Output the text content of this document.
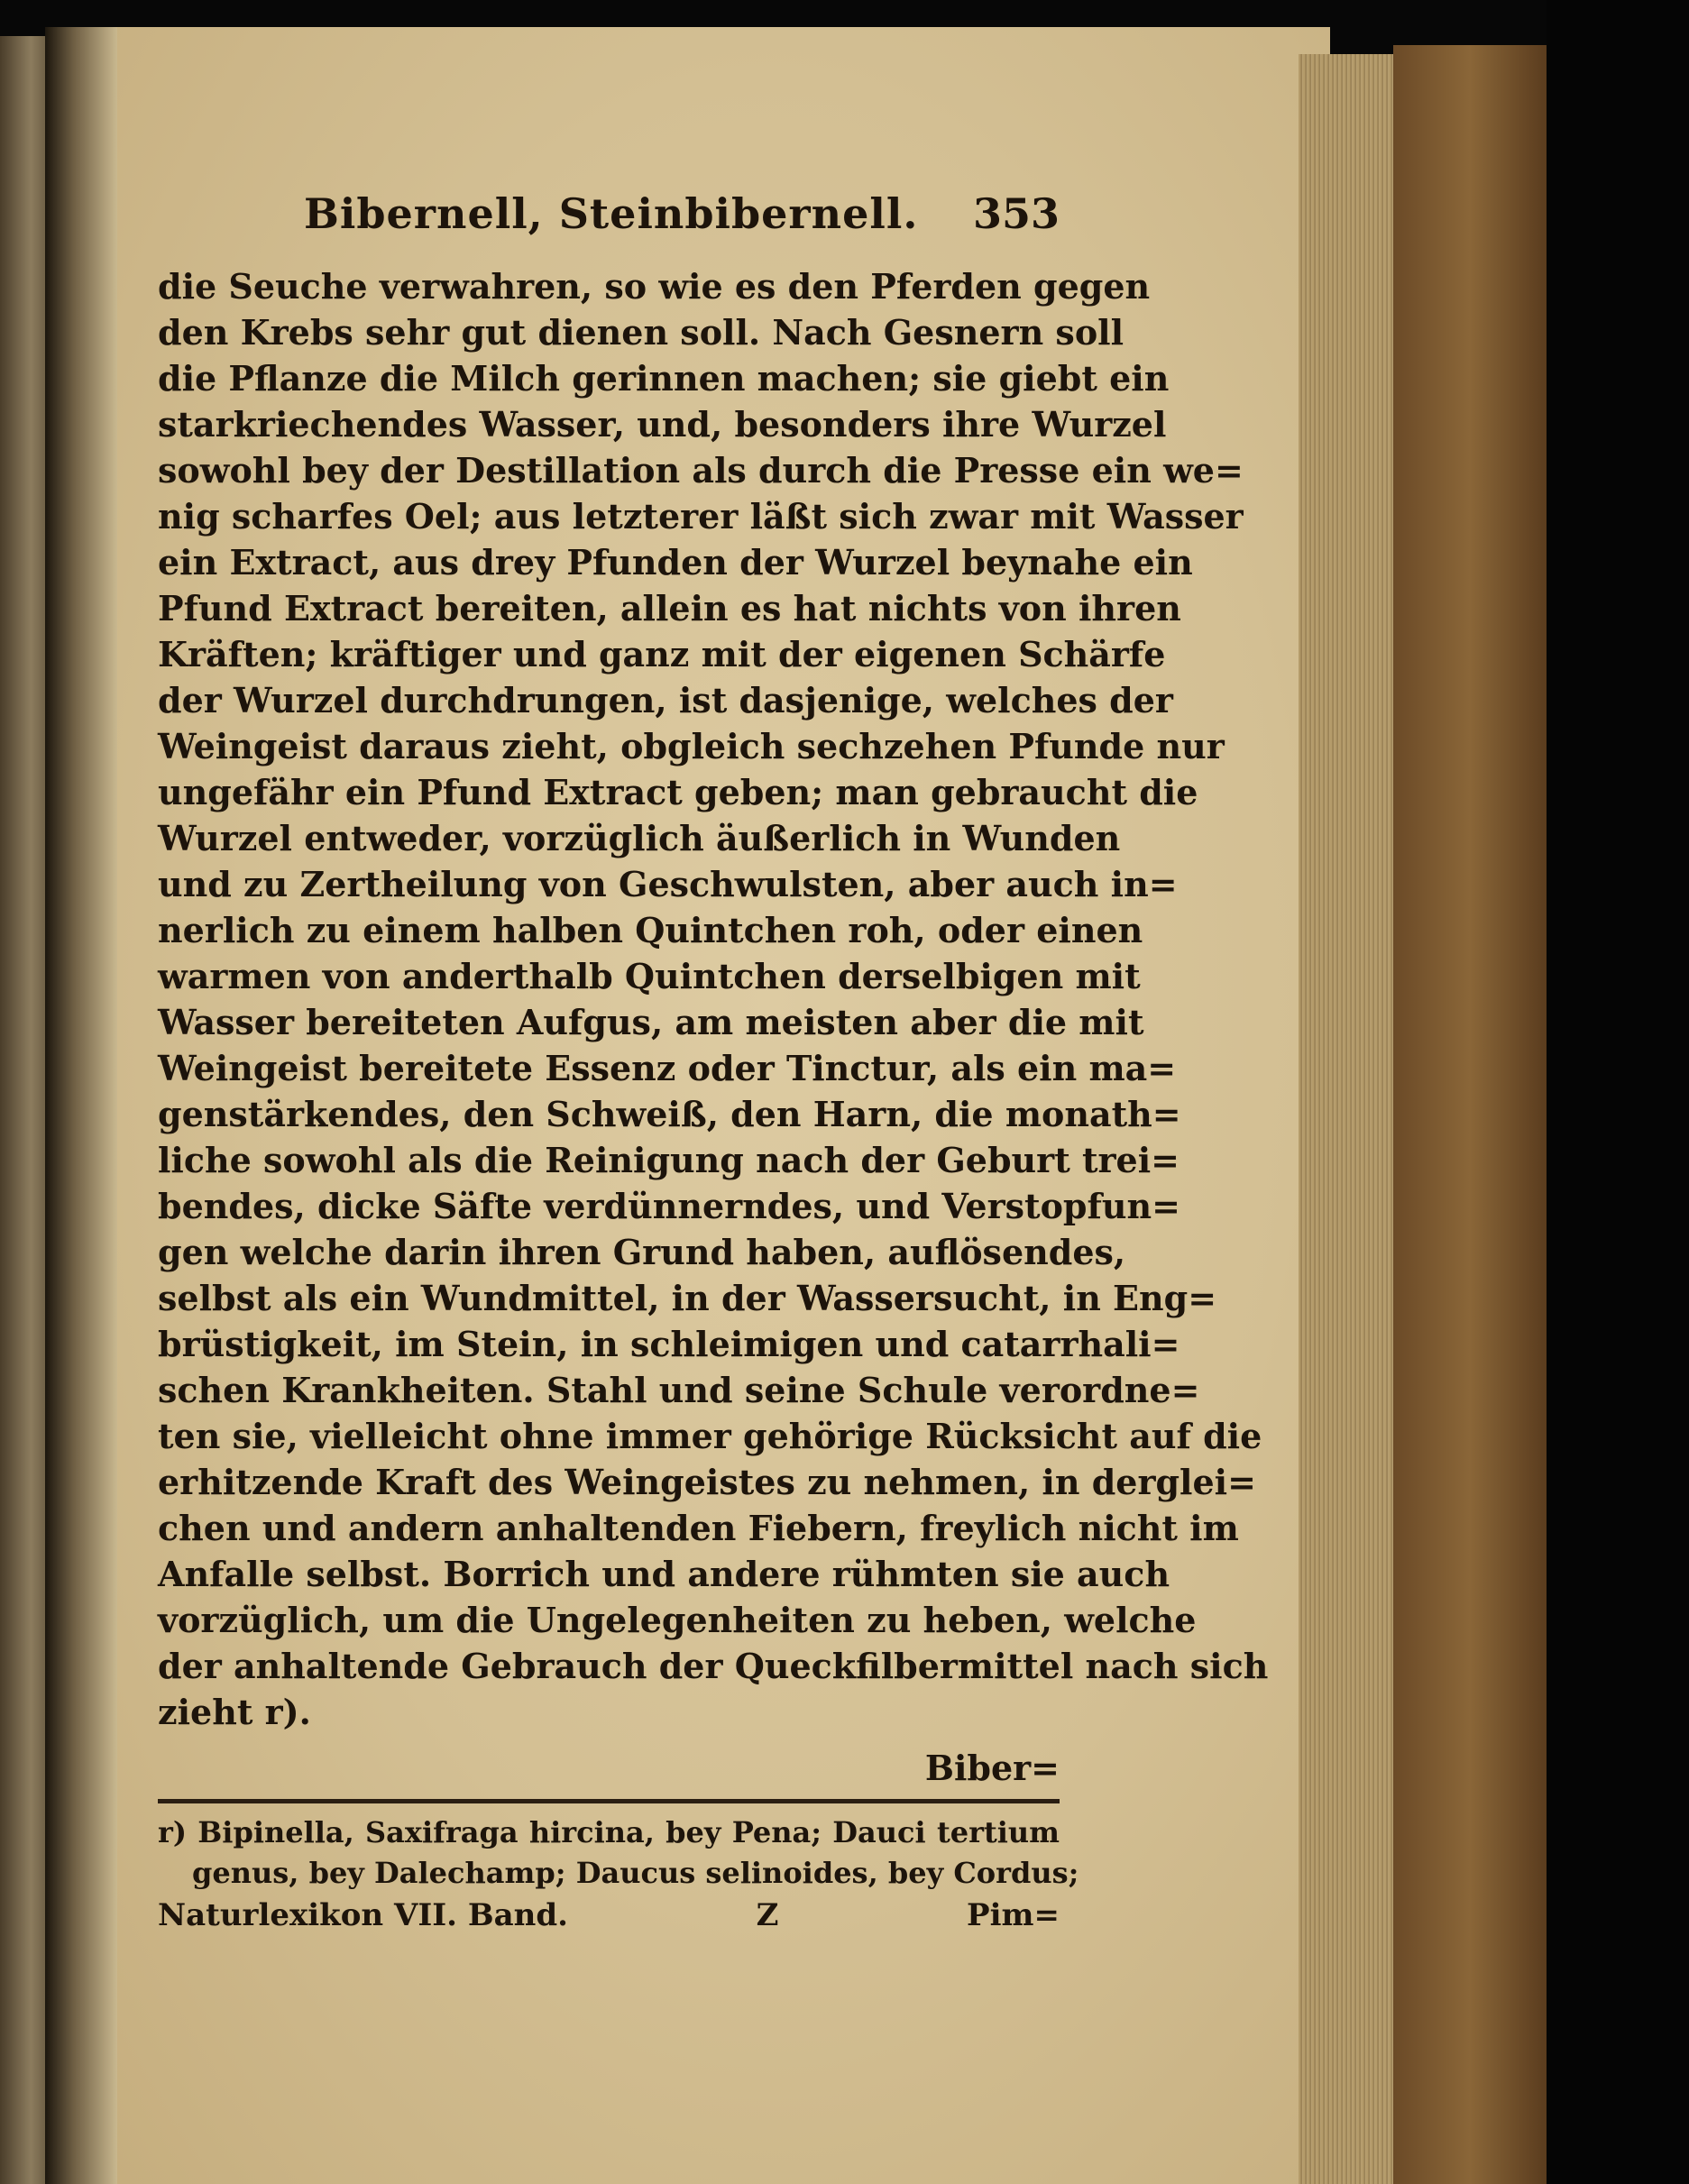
Bibernell, Steinbibernell. 353
die Seuche verwahren, so wie es den Pferden gegen
den Krebs sehr gut dienen soll. Nach Gesnern soll
die Pflanze die Milch gerinnen machen; sie giebt ein
starkriechendes Wasser, und, besonders ihre Wurzel
sowohl bey der Destillation als durch die Presse ein we=
nig scharfes Oel; aus letzterer läßt sich zwar mit Wasser
ein Extract, aus drey Pfunden der Wurzel beynahe ein
Pfund Extract bereiten, allein es hat nichts von ihren
Kräften; kräftiger und ganz mit der eigenen Schärfe
der Wurzel durchdrungen, ist dasjenige, welches der
Weingeist daraus zieht, obgleich sechzehen Pfunde nur
ungefähr ein Pfund Extract geben; man gebraucht die
Wurzel entweder, vorzüglich äußerlich in Wunden
und zu Zertheilung von Geschwulsten, aber auch in=
nerlich zu einem halben Quintchen roh, oder einen
warmen von anderthalb Quintchen derselbigen mit
Wasser bereiteten Aufgus, am meisten aber die mit
Weingeist bereitete Essenz oder Tinctur, als ein ma=
genstärkendes, den Schweiß, den Harn, die monath=
liche sowohl als die Reinigung nach der Geburt trei=
bendes, dicke Säfte verdünnerndes, und Verstopfun=
gen welche darin ihren Grund haben, auflösendes,
selbst als ein Wundmittel, in der Wassersucht, in Eng=
brüstigkeit, im Stein, in schleimigen und catarrhali=
schen Krankheiten. Stahl und seine Schule verordne=
ten sie, vielleicht ohne immer gehörige Rücksicht auf die
erhitzende Kraft des Weingeistes zu nehmen, in derglei=
chen und andern anhaltenden Fiebern, freylich nicht im
Anfalle selbst. Borrich und andere rühmten sie auch
vorzüglich, um die Ungelegenheiten zu heben, welche
der anhaltende Gebrauch der Queckfilbermittel nach sich
zieht r).
Biber=
r) Bipinella, Saxifraga hircina, bey Pena; Dauci tertium
genus, bey Dalechamp; Daucus selinoides, bey Cordus;
Naturlexikon VII. Band.	Z	Pim=
